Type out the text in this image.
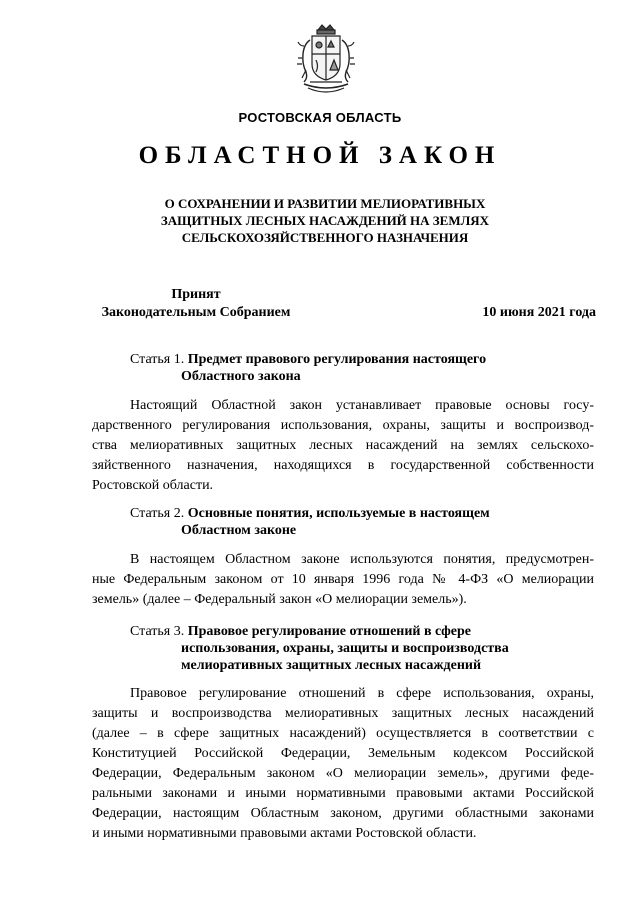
РОСТОВСКАЯ ОБЛАСТЬ
ОБЛАСТНОЙ ЗАКОН
О СОХРАНЕНИИ И РАЗВИТИИ МЕЛИОРАТИВНЫХ
ЗАЩИТНЫХ ЛЕСНЫХ НАСАЖДЕНИЙ НА ЗЕМЛЯХ
СЕЛЬСКОХОЗЯЙСТВЕННОГО НАЗНАЧЕНИЯ
Принят
Законодательным Собранием	10 июня 2021 года
Статья 1. Предмет правового регулирования настоящего
Областного закона
Настоящий Областной закон устанавливает правовые основы госу-
дарственного регулирования использования, охраны, защиты и воспроизвод-
ства мелиоративных защитных лесных насаждений на землях сельскохо-
зяйственного назначения, находящихся в государственной собственности
Ростовской области.
Статья 2. Основные понятия, используемые в настоящем
Областном законе
В настоящем Областном законе используются понятия, предусмотрен-
ные Федеральным законом от 10 января 1996 года № 4-ФЗ «О мелиорации
земель» (далее – Федеральный закон «О мелиорации земель»).
Статья 3. Правовое регулирование отношений в сфере
использования, охраны, защиты и воспроизводства
мелиоративных защитных лесных насаждений
Правовое регулирование отношений в сфере использования, охраны,
защиты и воспроизводства мелиоративных защитных лесных насаждений
(далее – в сфере защитных насаждений) осуществляется в соответствии с
Конституцией Российской Федерации, Земельным кодексом Российской
Федерации, Федеральным законом «О мелиорации земель», другими феде-
ральными законами и иными нормативными правовыми актами Российской
Федерации, настоящим Областным законом, другими областными законами
и иными нормативными правовыми актами Ростовской области.
